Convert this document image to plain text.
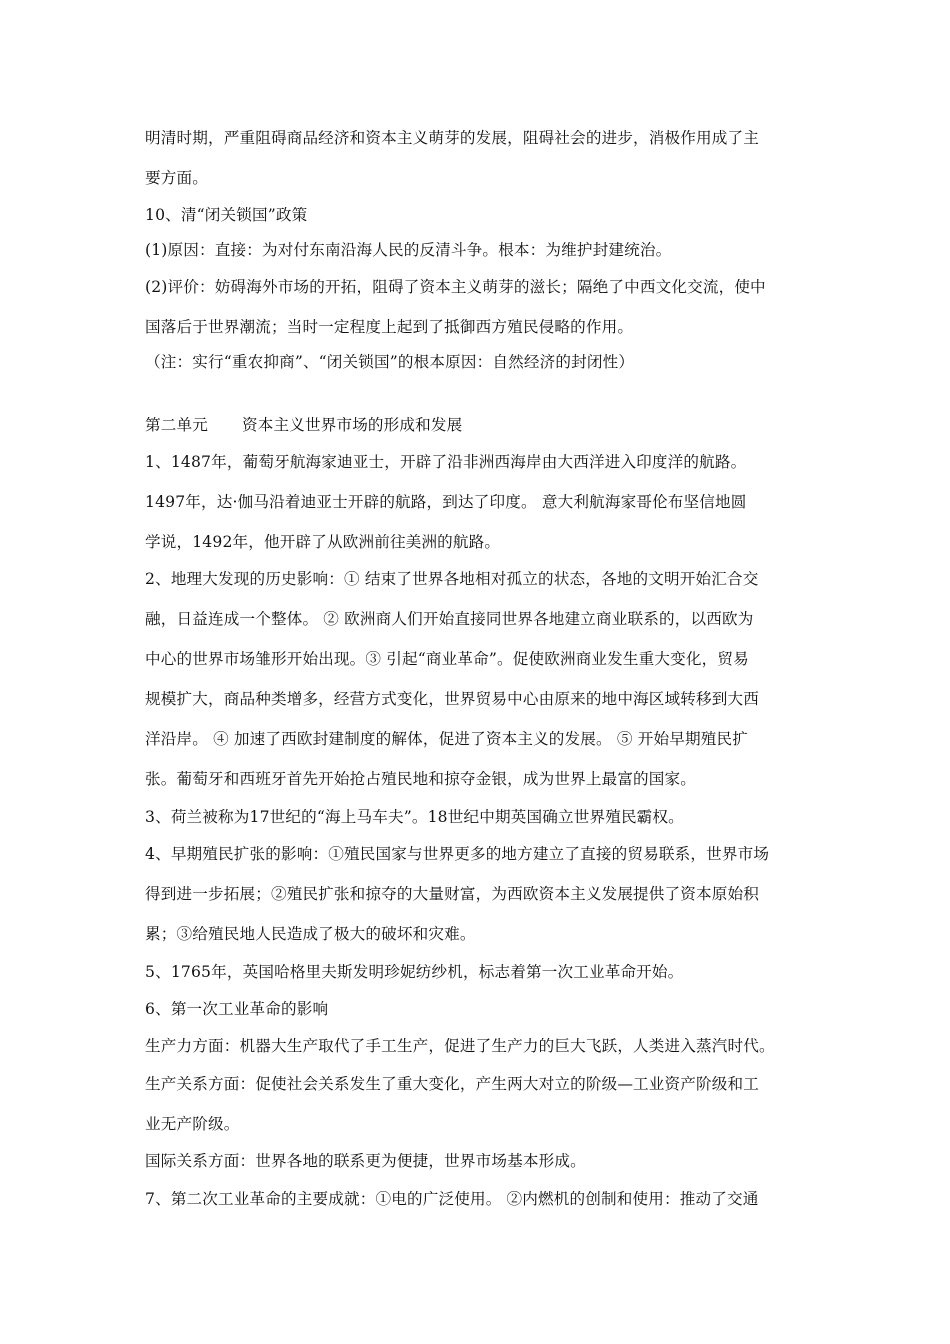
明清时期，严重阻碍商品经济和资本主义萌芽的发展，阻碍社会的进步，消极作用成了主
要方面。
10、清“闭关锁国”政策
(1)原因：直接：为对付东南沿海人民的反清斗争。根本：为维护封建统治。
(2)评价：妨碍海外市场的开拓，阻碍了资本主义萌芽的滋长；隔绝了中西文化交流，使中
国落后于世界潮流；当时一定程度上起到了抵御西方殖民侵略的作用。
（注：实行“重农抑商”、“闭关锁国”的根本原因：自然经济的封闭性）
第二单元 资本主义世界市场的形成和发展
1、1487年，葡萄牙航海家迪亚士，开辟了沿非洲西海岸由大西洋进入印度洋的航路。
1497年，达·伽马沿着迪亚士开辟的航路，到达了印度。 意大利航海家哥伦布坚信地圆
学说，1492年，他开辟了从欧洲前往美洲的航路。
2、地理大发现的历史影响：① 结束了世界各地相对孤立的状态，各地的文明开始汇合交
融，日益连成一个整体。 ② 欧洲商人们开始直接同世界各地建立商业联系的，以西欧为
中心的世界市场雏形开始出现。③ 引起“商业革命”。促使欧洲商业发生重大变化，贸易
规模扩大，商品种类增多，经营方式变化，世界贸易中心由原来的地中海区域转移到大西
洋沿岸。 ④ 加速了西欧封建制度的解体，促进了资本主义的发展。 ⑤ 开始早期殖民扩
张。葡萄牙和西班牙首先开始抢占殖民地和掠夺金银，成为世界上最富的国家。
3、荷兰被称为17世纪的“海上马车夫”。18世纪中期英国确立世界殖民霸权。
4、早期殖民扩张的影响：①殖民国家与世界更多的地方建立了直接的贸易联系，世界市场
得到进一步拓展；②殖民扩张和掠夺的大量财富，为西欧资本主义发展提供了资本原始积
累；③给殖民地人民造成了极大的破坏和灾难。
5、1765年，英国哈格里夫斯发明珍妮纺纱机，标志着第一次工业革命开始。
6、第一次工业革命的影响
生产力方面：机器大生产取代了手工生产，促进了生产力的巨大飞跃，人类进入蒸汽时代。
生产关系方面：促使社会关系发生了重大变化，产生两大对立的阶级—工业资产阶级和工
业无产阶级。
国际关系方面：世界各地的联系更为便捷，世界市场基本形成。
7、第二次工业革命的主要成就：①电的广泛使用。 ②内燃机的创制和使用：推动了交通
